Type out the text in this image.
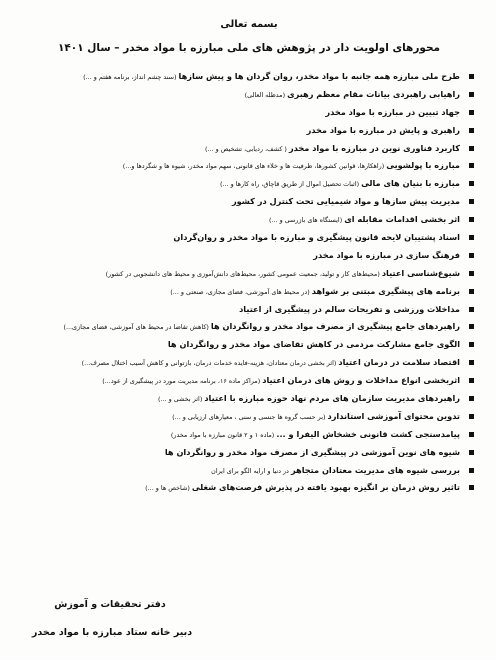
بسمه تعالی
محورهای اولویت دار در پژوهش های ملی مبارزه با مواد مخدر – سال ۱۴۰۱
طرح ملی مبارزه همه جانبه با مواد مخدر، روان گردان ها و پیش سازها (سند چشم انداز، برنامه هفتم و ...)
راهیابی راهبردی بیانات مقام معظم رهبری (مدظله العالی)
جهاد تبیین در مبارزه با مواد مخدر
راهبری و پایش در مبارزه با مواد مخدر
کاربرد فناوری نوین در مبارزه با مواد مخدر ( کشف، ردیابی، تشخیص و ...)
مبارزه با پولشویی (راهکارها، قوانین کشورها، ظرفیت ها و خلاء های قانونی، سهم مواد مخدر، شیوه ها و شگردها و...)
مبارزه با بنیان های مالی (اثبات تحصیل اموال از طریق قاچاق، راه کارها و ...)
مدیریت پیش سازها و مواد شیمیایی تحت کنترل در کشور
اثر بخشی اقدامات مقابله ای (ایستگاه های بازرسی و ...)
اسناد پشتیبان لایحه قانون پیشگیری و مبارزه با مواد مخدر و روان‌گردان
فرهنگ سازی در مبارزه با مواد مخدر
شیوع‌شناسی اعتیاد (محیط‌های کار و تولید، جمعیت عمومی کشور، محیط‌های دانش‌آموزی و محیط های دانشجویی در کشور)
برنامه های پیشگیری مبتنی بر شواهد (در محیط های آموزشی، فضای مجازی، صنعتی و ...)
مداخلات ورزشی و تفریحات سالم در پیشگیری از اعتیاد
راهبردهای جامع پیشگیری از مصرف مواد مخدر و روانگردان ها (کاهش تقاضا در محیط های آموزشی، فضای مجازی...)
الگوی جامع مشارکت مردمی در کاهش تقاضای مواد مخدر و روانگردان ها
اقتصاد سلامت در درمان اعتیاد (اثر بخشی درمان معتادان، هزینه-فایده خدمات درمان، بازتوانی و کاهش آسیب اختلال مصرف...)
اثربخشی انواع مداخلات و روش های درمان اعتیاد (مراکز ماده ۱۶، برنامه مدیریت مورد در پیشگیری از عود...)
راهبردهای مدیریت سازمان های مردم نهاد حوزه مبارزه با اعتیاد (اثر بخشی و ...)
تدوین محتوای آموزشی استاندارد (بر حسب گروه ها جنسی و سنی ، معیارهای ارزیابی و ...)
پیامدسنجی کشت قانونی خشخاش الیفرا و ... (ماده ۱ و ۲ قانون مبارزه با مواد مخدر)
شیوه های نوین آموزشی در پیشگیری از مصرف مواد مخدر و روانگردان ها
بررسی شیوه های مدیریت معتادان متجاهر در دنیا و ارایه الگو برای ایران
تاثیر روش درمان بر انگیزه بهبود یافته در پذیرش فرصت‌های شغلی (شاخص ها و ...)
دفتر تحقیقات و آموزش
دبیر خانه ستاد مبارزه با مواد مخدر
